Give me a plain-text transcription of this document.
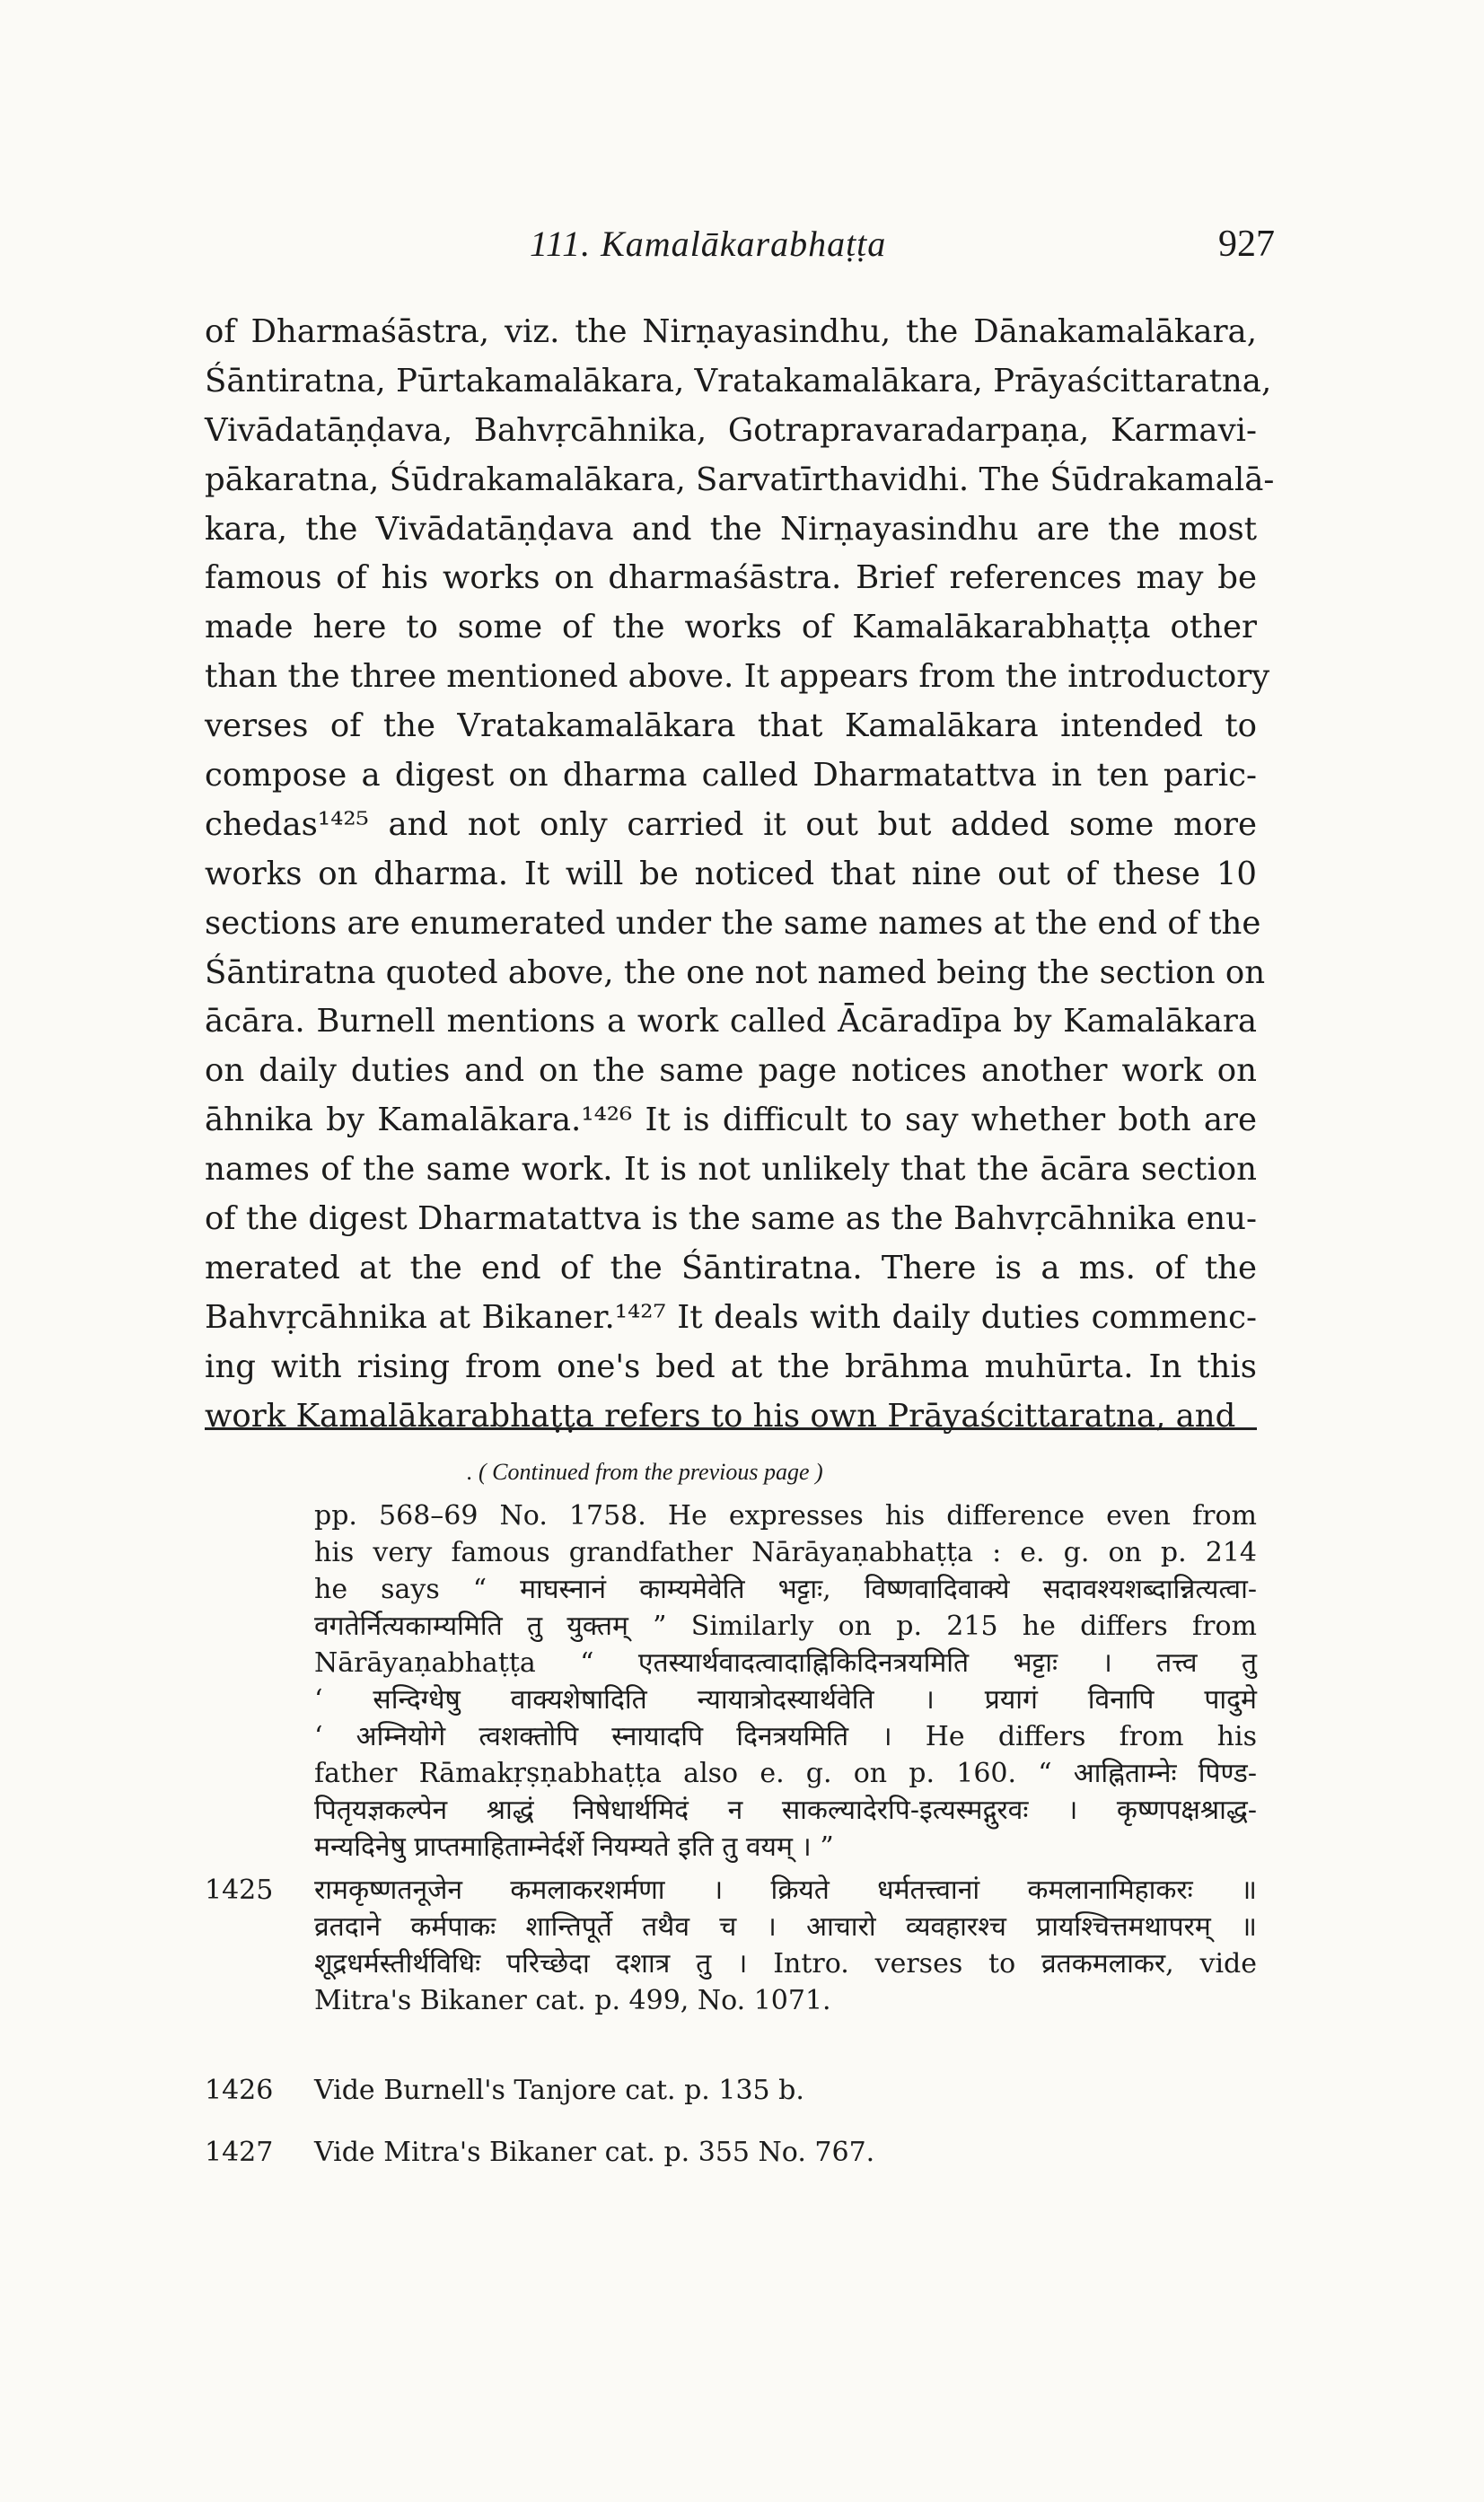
111. Kamalākarabhaṭṭa	927
of Dharmaśāstra, viz. the Nirṇayasindhu, the Dānakamalākara,
Śāntiratna, Pūrtakamalākara, Vratakamalākara, Prāyaścittaratna,
Vivādatāṇḍava, Bahvṛcāhnika, Gotrapravaradarpaṇa, Karmavi-
pākaratna, Śūdrakamalākara, Sarvatīrthavidhi. The Śūdrakamalā-
kara, the Vivādatāṇḍava and the Nirṇayasindhu are the most
famous of his works on dharmaśāstra. Brief references may be
made here to some of the works of Kamalākarabhaṭṭa other
than the three mentioned above. It appears from the introductory
verses of the Vratakamalākara that Kamalākara intended to
compose a digest on dharma called Dharmatattva in ten paric-
chedas¹⁴²⁵ and not only carried it out but added some more
works on dharma. It will be noticed that nine out of these 10
sections are enumerated under the same names at the end of the
Śāntiratna quoted above, the one not named being the section on
ācāra. Burnell mentions a work called Ācāradīpa by Kamalākara
on daily duties and on the same page notices another work on
āhnika by Kamalākara.¹⁴²⁶ It is difficult to say whether both are
names of the same work. It is not unlikely that the ācāra section
of the digest Dharmatattva is the same as the Bahvṛcāhnika enu-
merated at the end of the Śāntiratna. There is a ms. of the
Bahvṛcāhnika at Bikaner.¹⁴²⁷ It deals with daily duties commenc-
ing with rising from one's bed at the brāhma muhūrta. In this
work Kamalākarabhaṭṭa refers to his own Prāyaścittaratna, and
. ( Continued from the previous page )
pp. 568–69 No. 1758. He expresses his difference even from
his very famous grandfather Nārāyaṇabhaṭṭa : e. g. on p. 214
he says “ माघस्नानं काम्यमेवेति भट्टाः, विष्णवादिवाक्ये सदावश्यशब्दान्नित्यत्वा-
वगतेर्नित्यकाम्यमिति तु युक्तम् ” Similarly on p. 215 he differs from
Nārāyaṇabhaṭṭa “ एतस्यार्थवादत्वादाह्निकिदिनत्रयमिति भट्टाः । तत्त्व तु
‘ सन्दिग्धेषु वाक्यशेषादिति न्यायात्रोदस्यार्थवेति । प्रयागं विनापि पादुमे
‘ अम्नियोगे त्वशक्तोपि स्नायादपि दिनत्रयमिति । He differs from his
father Rāmakṛṣṇabhaṭṭa also e. g. on p. 160. “ आह्निताम्नेः पिण्ड-
पितृयज्ञकल्पेन श्राद्धं निषेधार्थमिदं न साकल्यादेरपि-इत्यस्मद्गुरवः । कृष्णपक्षश्राद्ध-
मन्यदिनेषु प्राप्तमाहिताम्नेर्दर्शे नियम्यते इति तु वयम् । ”
1425 रामकृष्णतनूजेन कमलाकरशर्मणा । क्रियते धर्मतत्त्वानां कमलानामिहाकरः ॥
व्रतदाने कर्मपाकः शान्तिपूर्ते तथैव च । आचारो व्यवहारश्च प्रायश्चित्तमथापरम् ॥
शूद्रधर्मस्तीर्थविधिः परिच्छेदा दशात्र तु । Intro. verses to व्रतकमलाकर, vide
Mitra's Bikaner cat. p. 499, No. 1071.
1426 Vide Burnell's Tanjore cat. p. 135 b.
1427 Vide Mitra's Bikaner cat. p. 355 No. 767.
